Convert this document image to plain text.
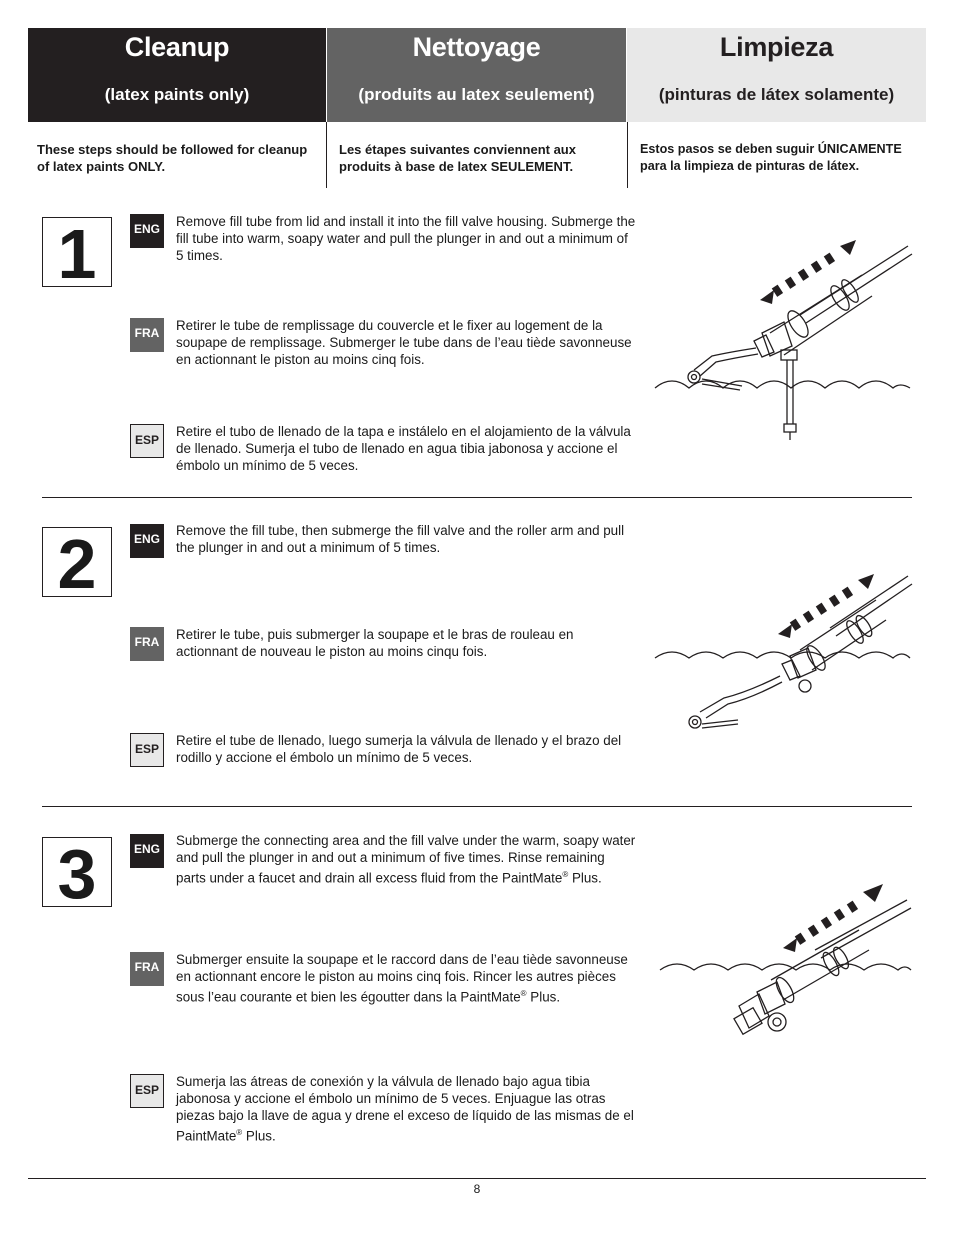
Cleanup
(latex paints only)
Nettoyage
(produits au latex seulement)
Limpieza
(pinturas de látex solamente)
These steps should be followed for cleanup of latex paints ONLY.
Les étapes suivantes conviennent aux produits à base de latex SEULEMENT.
Estos pasos se deben suguir ÚNICAMENTE para la limpieza de pinturas de látex.
1	ENG Remove fill tube from lid and install it into the fill valve housing. Submerge the fill tube into warm, soapy water and pull the plunger in and out a minimum of 5 times.
FRA	Retirer le tube de remplissage du couvercle et le fixer au logement de la soupape de remplissage. Submerger le tube dans de l’eau tiède savonneuse en actionnant le piston au moins cinq fois.
ESP
Retire el tubo de llenado de la tapa e instálelo en el alojamiento de la válvula de llenado. Sumerja el tubo de llenado en agua tibia jabonosa y accione el émbolo un mínimo de 5 veces.
2	ENG
Remove the fill tube, then submerge the fill valve and the roller arm and pull the plunger in and out a minimum of 5 times.
FRA	Retirer le tube, puis submerger la soupape et le bras de rouleau en actionnant de nouveau le piston au moins cinqu fois.
ESP
Retire el tube de llenado, luego sumerja la válvula de llenado y el brazo del rodillo y accione el émbolo un mínimo de 5 veces.
3	ENG
Submerge the connecting area and the fill valve under the warm, soapy water and pull the plunger in and out a minimum of five times. Rinse remaining parts under a faucet and drain all excess fluid from the PaintMate® Plus.
FRA	Submerger ensuite la soupape et le raccord dans de l’eau tiède savonneuse en actionnant encore le piston au moins cinq fois. Rincer les autres pièces sous l’eau courante et bien les égoutter dans la PaintMate® Plus.
ESP
Sumerja las átreas de conexión y la válvula de llenado bajo agua tibia jabonosa y accione el émbolo un mínimo de 5 veces. Enjuague las otras piezas bajo la llave de agua y drene el exceso de líquido de las mismas de el PaintMate® Plus.
8
